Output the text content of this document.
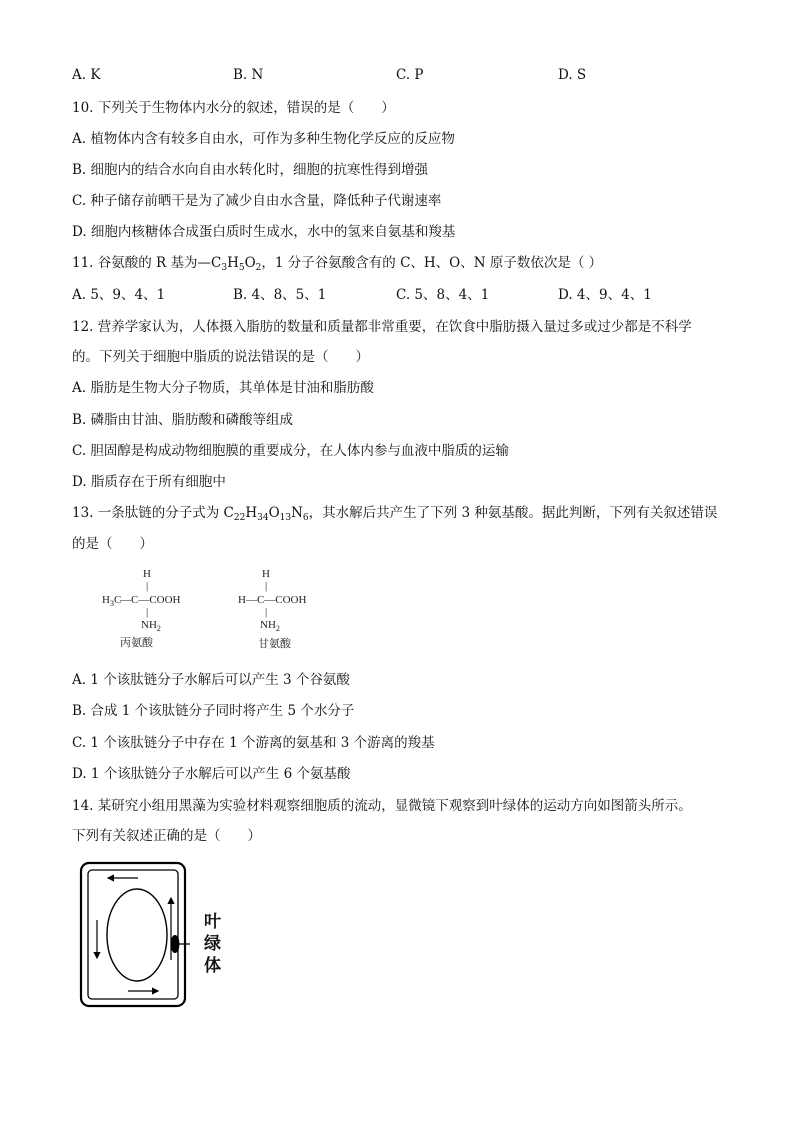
A. K	B. N	C. P	D. S
10. 下列关于生物体内水分的叙述，错误的是（　　）
A. 植物体内含有较多自由水，可作为多种生物化学反应的反应物
B. 细胞内的结合水向自由水转化时，细胞的抗寒性得到增强
C. 种子储存前晒干是为了减少自由水含量，降低种子代谢速率
D. 细胞内核糖体合成蛋白质时生成水，水中的氢来自氨基和羧基
11. 谷氨酸的 R 基为$—C_3H_5O_2$，1 分子谷氨酸含有的 C、H、O、N 原子数依次是（ ）
A. 5、9、4、1	B. 4、8、5、1	C. 5、8、4、1	D. 4、9、4、1
12. 营养学家认为，人体摄入脂肪的数量和质量都非常重要，在饮食中脂肪摄入量过多或过少都是不科学
的。下列关于细胞中脂质的说法错误的是（　　）
A. 脂肪是生物大分子物质，其单体是甘油和脂肪酸
B. 磷脂由甘油、脂肪酸和磷酸等组成
C. 胆固醇是构成动物细胞膜的重要成分，在人体内参与血液中脂质的运输
D. 脂质存在于所有细胞中
13. 一条肽链的分子式为 $C_{22}H_{34}O_{13}N_6$，其水解后共产生了下列 3 种氨基酸。据此判断，下列有关叙述错误
的是（　　）
H
|
$H_3C$
—C—COOH
|
$NH_2$
丙氨酸
H
|
H—C—COOH
|
$NH_2$
甘氨酸
A. 1 个该肽链分子水解后可以产生 3 个谷氨酸
B. 合成 1 个该肽链分子同时将产生 5 个水分子
C. 1 个该肽链分子中存在 1 个游离的氨基和 3 个游离的羧基
D. 1 个该肽链分子水解后可以产生 6 个氨基酸
14. 某研究小组用黑藻为实验材料观察细胞质的流动，显微镜下观察到叶绿体的运动方向如图箭头所示。
下列有关叙述正确的是（　　）
叶
绿
体
